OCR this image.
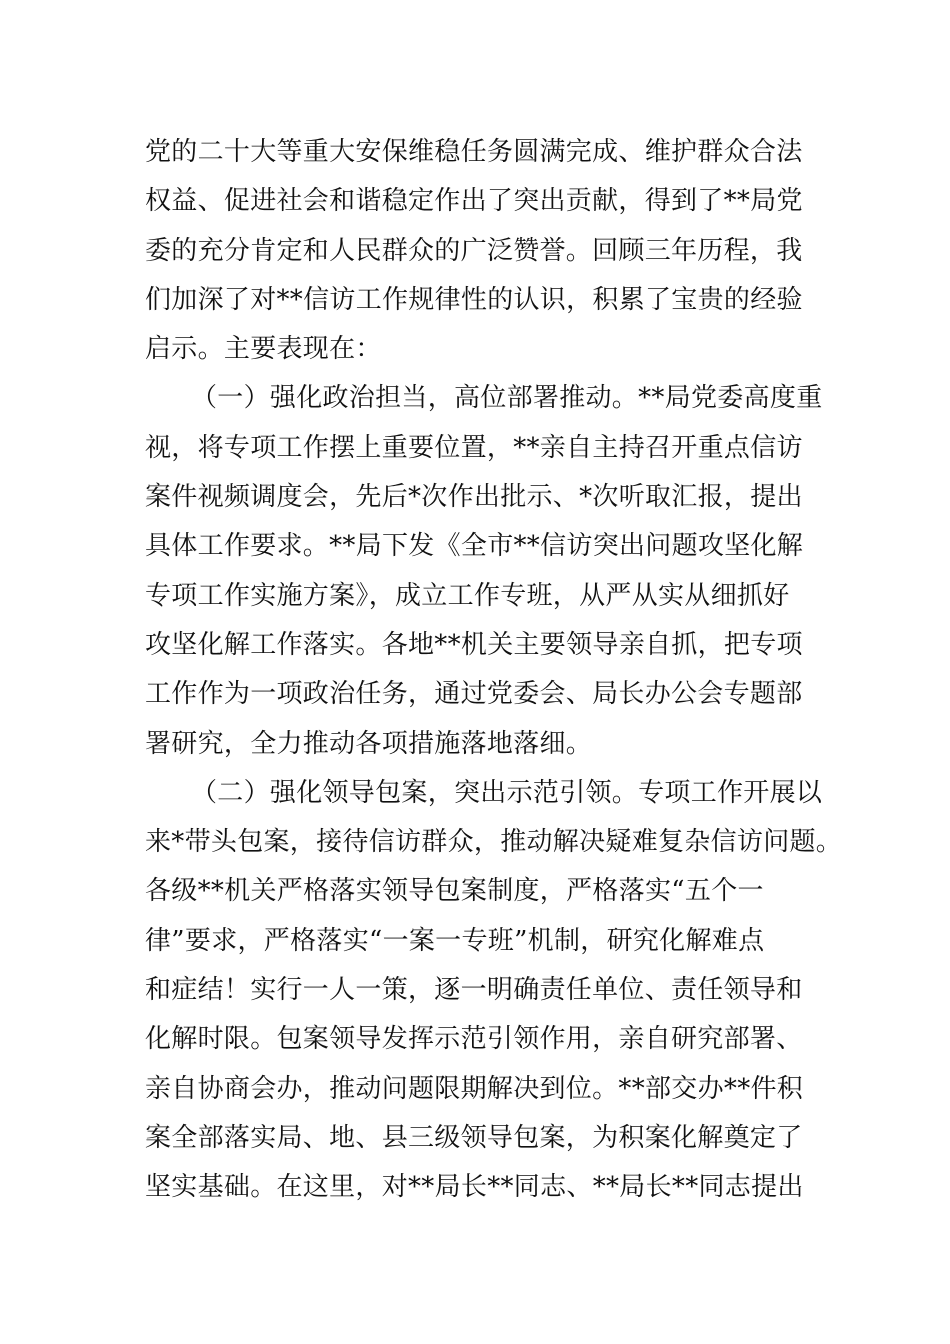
党的二十大等重大安保维稳任务圆满完成、维护群众合法
权益、促进社会和谐稳定作出了突出贡献，得到了**局党
委的充分肯定和人民群众的广泛赞誉。回顾三年历程，我
们加深了对**信访工作规律性的认识，积累了宝贵的经验
启示。主要表现在：
（一）强化政治担当，高位部署推动。**局党委高度重
视，将专项工作摆上重要位置，**亲自主持召开重点信访
案件视频调度会，先后*次作出批示、*次听取汇报，提出
具体工作要求。**局下发《全市**信访突出问题攻坚化解
专项工作实施方案》，成立工作专班，从严从实从细抓好
攻坚化解工作落实。各地**机关主要领导亲自抓，把专项
工作作为一项政治任务，通过党委会、局长办公会专题部
署研究，全力推动各项措施落地落细。
（二）强化领导包案，突出示范引领。专项工作开展以
来*带头包案，接待信访群众，推动解决疑难复杂信访问题。
各级**机关严格落实领导包案制度，严格落实“五个一
律”要求，严格落实“一案一专班”机制，研究化解难点
和症结！实行一人一策，逐一明确责任单位、责任领导和
化解时限。包案领导发挥示范引领作用，亲自研究部署、
亲自协商会办，推动问题限期解决到位。**部交办**件积
案全部落实局、地、县三级领导包案，为积案化解奠定了
坚实基础。在这里，对**局长**同志、**局长**同志提出
